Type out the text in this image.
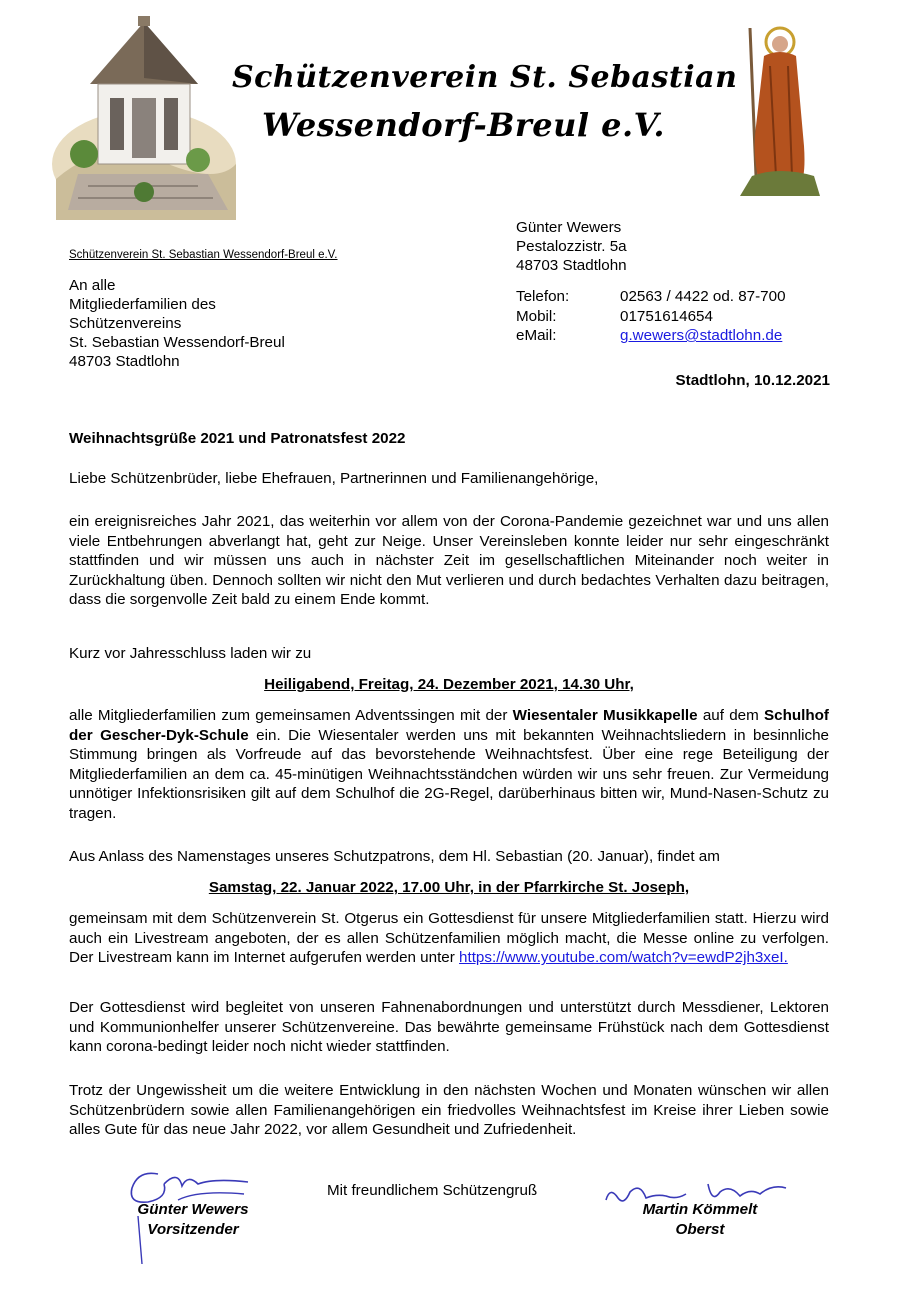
Schützenverein St. Sebastian
Wessendorf-Breul e.V.
Schützenverein St. Sebastian Wessendorf-Breul e.V.
An alle
Mitgliederfamilien des
Schützenvereins
St. Sebastian Wessendorf-Breul
48703 Stadtlohn
Günter Wewers
Pestalozzistr. 5a
48703 Stadtlohn
Telefon:	02563 / 4422 od. 87-700
Mobil:	01751614654
eMail:	g.wewers@stadtlohn.de
Stadtlohn, 10.12.2021
Weihnachtsgrüße 2021 und Patronatsfest 2022
Liebe Schützenbrüder, liebe Ehefrauen, Partnerinnen und Familienangehörige,
ein ereignisreiches Jahr 2021, das weiterhin vor allem von der Corona-Pandemie gezeichnet war und uns allen viele Entbehrungen abverlangt hat, geht zur Neige. Unser Vereinsleben konnte leider nur sehr eingeschränkt stattfinden und wir müssen uns auch in nächster Zeit im gesellschaftlichen Miteinander noch weiter in Zurückhaltung üben. Dennoch sollten wir nicht den Mut verlieren und durch bedachtes Verhalten dazu beitragen, dass die sorgenvolle Zeit bald zu einem Ende kommt.
Kurz vor Jahresschluss laden wir zu
Heiligabend, Freitag, 24. Dezember 2021, 14.30 Uhr,
alle Mitgliederfamilien zum gemeinsamen Adventssingen mit der Wiesentaler Musikkapelle auf dem Schulhof der Gescher-Dyk-Schule ein. Die Wiesentaler werden uns mit bekannten Weihnachtsliedern in besinnliche Stimmung bringen als Vorfreude auf das bevorstehende Weihnachtsfest. Über eine rege Beteiligung der Mitgliederfamilien an dem ca. 45-minütigen Weihnachtsständchen würden wir uns sehr freuen. Zur Vermeidung unnötiger Infektionsrisiken gilt auf dem Schulhof die 2G-Regel, darüberhinaus bitten wir, Mund-Nasen-Schutz zu tragen.
Aus Anlass des Namenstages unseres Schutzpatrons, dem Hl. Sebastian (20. Januar), findet am
Samstag, 22. Januar 2022, 17.00 Uhr, in der Pfarrkirche St. Joseph,
gemeinsam mit dem Schützenverein St. Otgerus ein Gottesdienst für unsere Mitgliederfamilien statt. Hierzu wird auch ein Livestream angeboten, der es allen Schützenfamilien möglich macht, die Messe online zu verfolgen. Der Livestream kann im Internet aufgerufen werden unter https://www.youtube.com/watch?v=ewdP2jh3xeI.
Der Gottesdienst wird begleitet von unseren Fahnenabordnungen und unterstützt durch Messdiener, Lektoren und Kommunionhelfer unserer Schützenvereine. Das bewährte gemeinsame Frühstück nach dem Gottesdienst kann corona-bedingt leider noch nicht wieder stattfinden.
Trotz der Ungewissheit um die weitere Entwicklung in den nächsten Wochen und Monaten wünschen wir allen Schützenbrüdern sowie allen Familienangehörigen ein friedvolles Weihnachtsfest im Kreise ihrer Lieben sowie alles Gute für das neue Jahr 2022, vor allem Gesundheit und Zufriedenheit.
Mit freundlichem Schützengruß
Günter Wewers
Vorsitzender
Martin Kömmelt
Oberst
